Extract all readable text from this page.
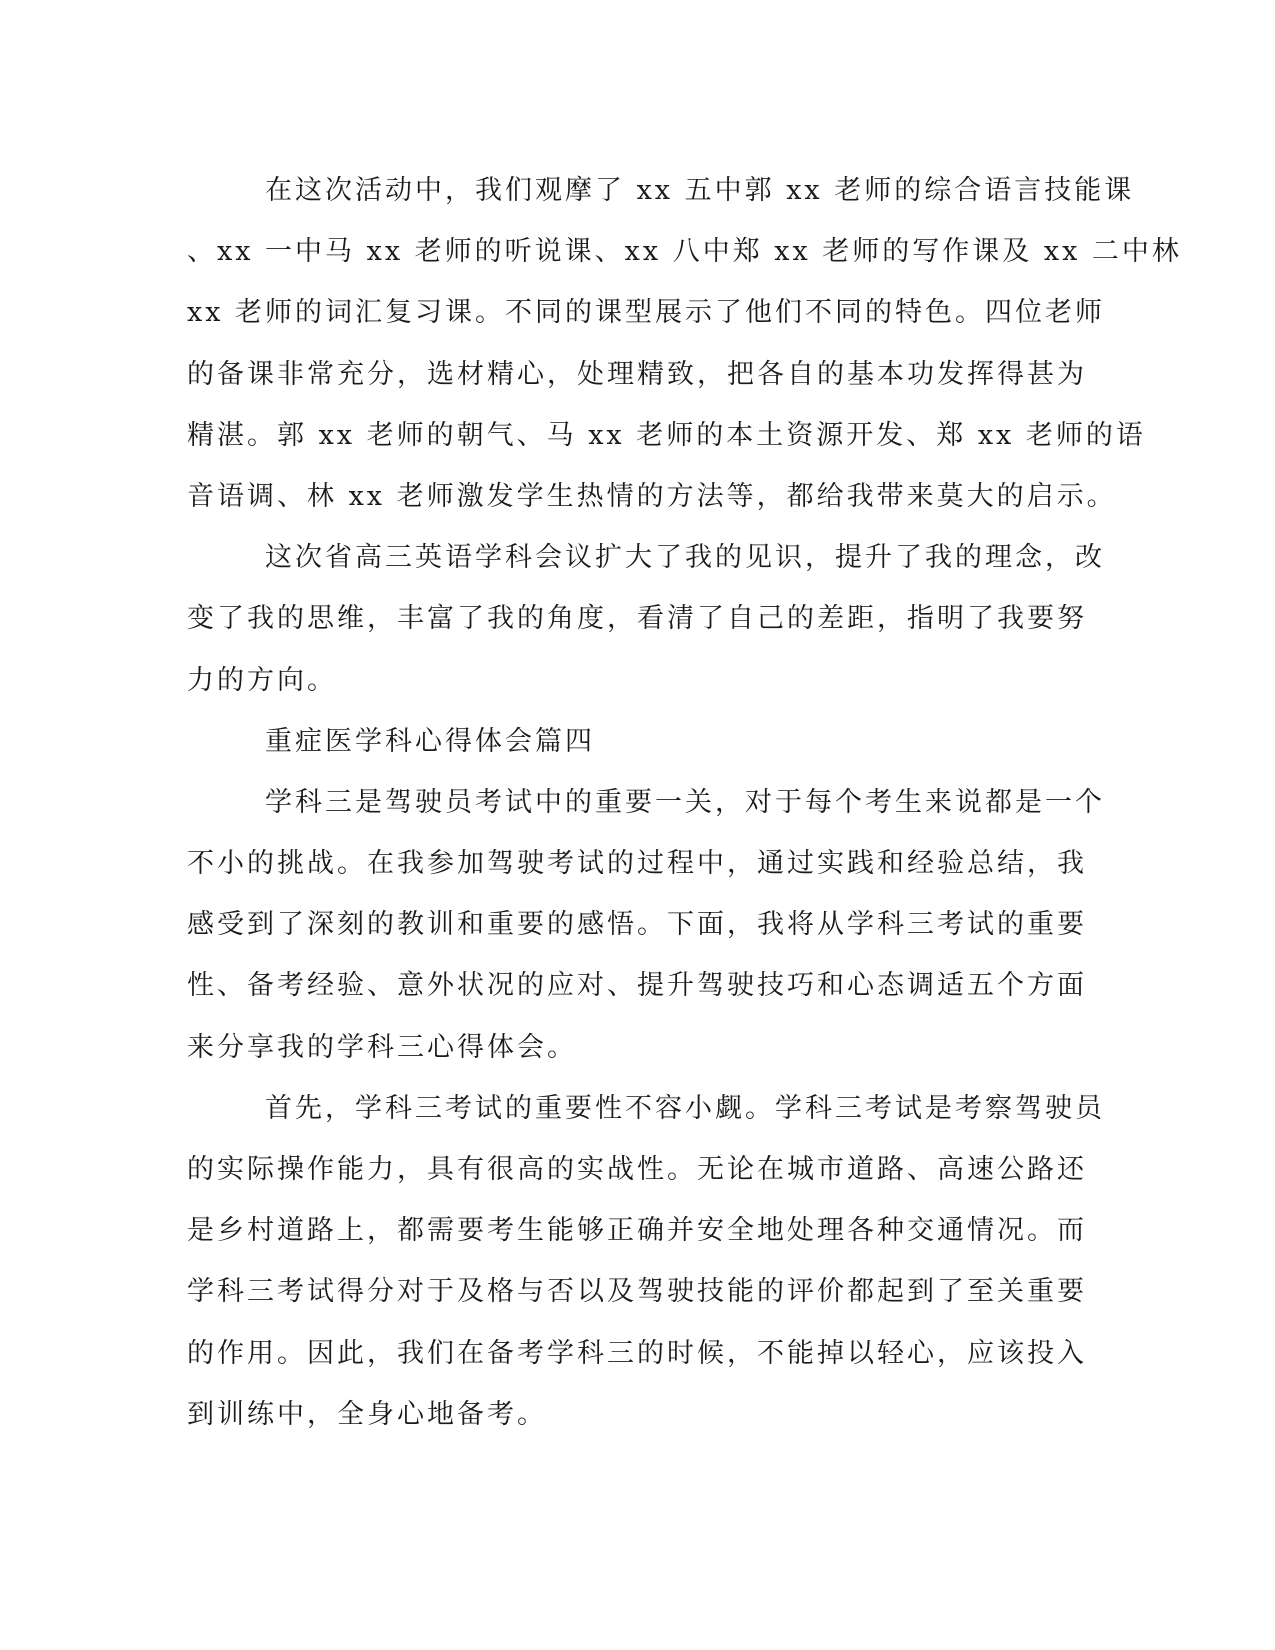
在这次活动中，我们观摩了 xx 五中郭 xx 老师的综合语言技能课
、xx 一中马 xx 老师的听说课、xx 八中郑 xx 老师的写作课及 xx 二中林
xx 老师的词汇复习课。不同的课型展示了他们不同的特色。四位老师
的备课非常充分，选材精心，处理精致，把各自的基本功发挥得甚为
精湛。郭 xx 老师的朝气、马 xx 老师的本土资源开发、郑 xx 老师的语
音语调、林 xx 老师激发学生热情的方法等，都给我带来莫大的启示。
这次省高三英语学科会议扩大了我的见识，提升了我的理念，改
变了我的思维，丰富了我的角度，看清了自己的差距，指明了我要努
力的方向。
重症医学科心得体会篇四
学科三是驾驶员考试中的重要一关，对于每个考生来说都是一个
不小的挑战。在我参加驾驶考试的过程中，通过实践和经验总结，我
感受到了深刻的教训和重要的感悟。下面，我将从学科三考试的重要
性、备考经验、意外状况的应对、提升驾驶技巧和心态调适五个方面
来分享我的学科三心得体会。
首先，学科三考试的重要性不容小觑。学科三考试是考察驾驶员
的实际操作能力，具有很高的实战性。无论在城市道路、高速公路还
是乡村道路上，都需要考生能够正确并安全地处理各种交通情况。而
学科三考试得分对于及格与否以及驾驶技能的评价都起到了至关重要
的作用。因此，我们在备考学科三的时候，不能掉以轻心，应该投入
到训练中，全身心地备考。
